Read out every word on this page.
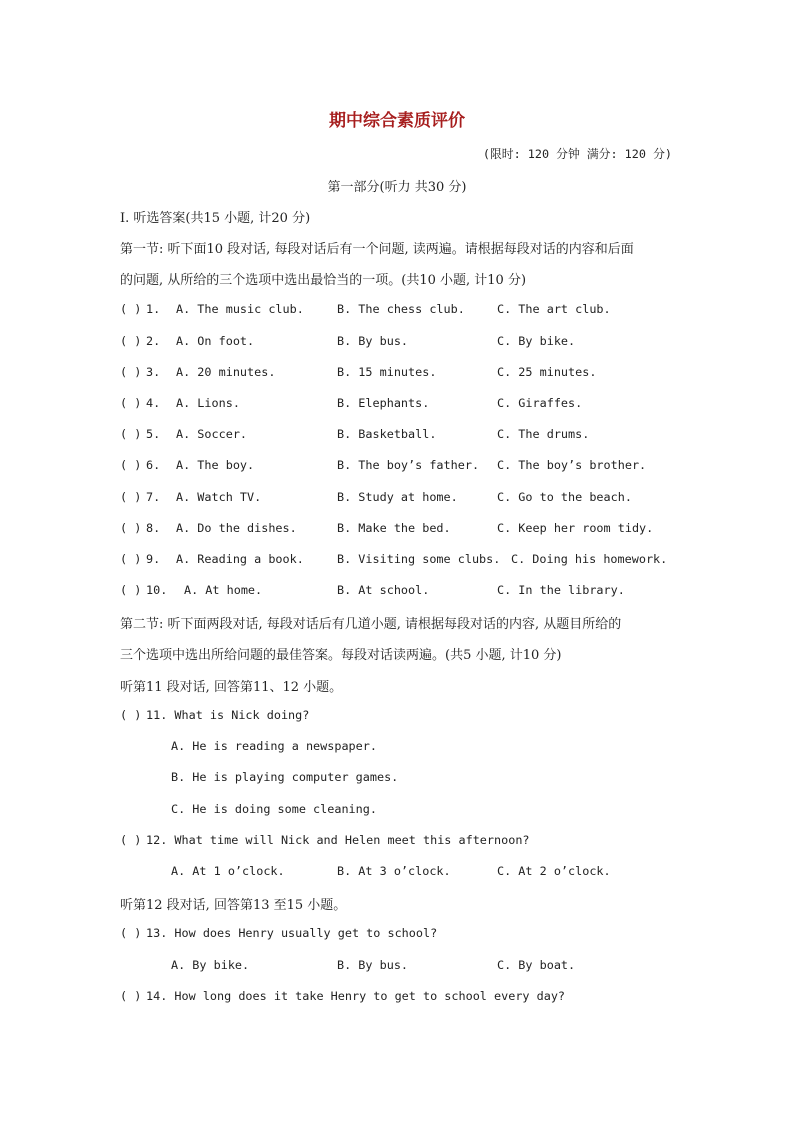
期中综合素质评价
(限时: 120 分钟 满分: 120 分)
第一部分(听力 共30 分)
I. 听选答案(共15 小题, 计20 分)
第一节: 听下面10 段对话, 每段对话后有一个问题, 读两遍。请根据每段对话的内容和后面
的问题, 从所给的三个选项中选出最恰当的一项。(共10 小题, 计10 分)
( ) 1. A. The music club.	B. The chess club.	C. The art club.
( ) 2. A. On foot.	B. By bus.	C. By bike.
( ) 3. A. 20 minutes.	B. 15 minutes.	C. 25 minutes.
( ) 4. A. Lions.	B. Elephants.	C. Giraffes.
( ) 5. A. Soccer.	B. Basketball.	C. The drums.
( ) 6. A. The boy.	B. The boy’s father. C. The boy’s brother.
( ) 7. A. Watch TV.	B. Study at home.	C. Go to the beach.
( ) 8. A. Do the dishes.	B. Make the bed.	C. Keep her room tidy.
( ) 9. A. Reading a book.	B. Visiting some clubs. C. Doing his homework.
( ) 10. A. At home.	B. At school.	C. In the library.
第二节: 听下面两段对话, 每段对话后有几道小题, 请根据每段对话的内容, 从题目所给的
三个选项中选出所给问题的最佳答案。每段对话读两遍。(共5 小题, 计10 分)
听第11 段对话, 回答第11、12 小题。
( ) 11. What is Nick doing?
A. He is reading a newspaper.
B. He is playing computer games.
C. He is doing some cleaning.
( ) 12. What time will Nick and Helen meet this afternoon?
A. At 1 o’clock.	B. At 3 o’clock.	C. At 2 o’clock.
听第12 段对话, 回答第13 至15 小题。
( ) 13. How does Henry usually get to school?
A. By bike.	B. By bus.	C. By boat.
( ) 14. How long does it take Henry to get to school every day?
